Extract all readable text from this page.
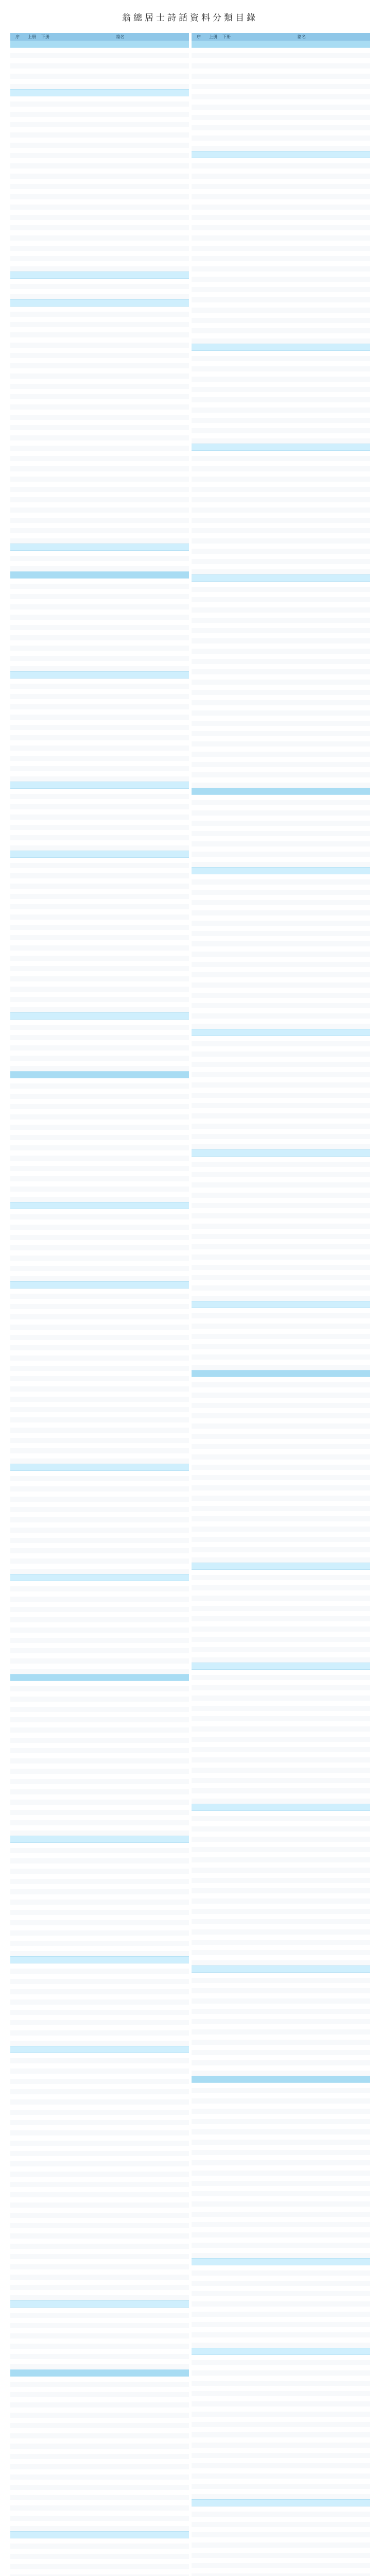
翁總居士詩話資料分類目錄
序	上册	下册	篇名	序	上册	下册	篇名
